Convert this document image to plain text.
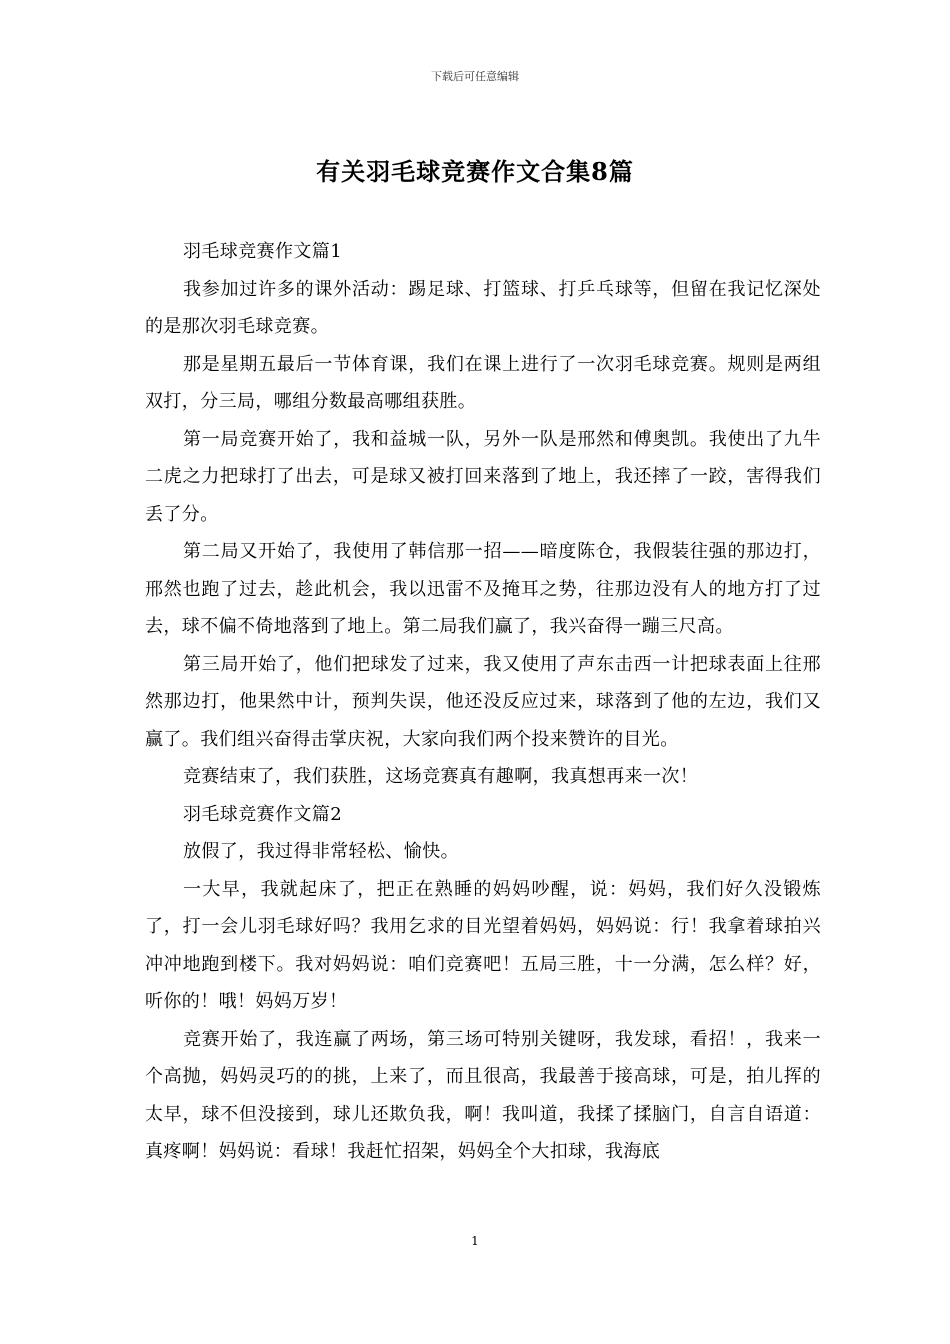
下载后可任意编辑
有关羽毛球竞赛作文合集8篇

羽毛球竞赛作文篇1

我参加过许多的课外活动：踢足球、打篮球、打乒乓球等，但留在我记忆深处的是那次羽毛球竞赛。

那是星期五最后一节体育课，我们在课上进行了一次羽毛球竞赛。规则是两组双打，分三局，哪组分数最高哪组获胜。

第一局竞赛开始了，我和益城一队，另外一队是邢然和傅奥凯。我使出了九牛二虎之力把球打了出去，可是球又被打回来落到了地上，我还摔了一跤，害得我们丢了分。

第二局又开始了，我使用了韩信那一招——暗度陈仓，我假装往强的那边打，邢然也跑了过去，趁此机会，我以迅雷不及掩耳之势，往那边没有人的地方打了过去，球不偏不倚地落到了地上。第二局我们赢了，我兴奋得一蹦三尺高。

第三局开始了，他们把球发了过来，我又使用了声东击西一计把球表面上往邢然那边打，他果然中计，预判失误，他还没反应过来，球落到了他的左边，我们又赢了。我们组兴奋得击掌庆祝，大家向我们两个投来赞许的目光。

竞赛结束了，我们获胜，这场竞赛真有趣啊，我真想再来一次！

羽毛球竞赛作文篇2

放假了，我过得非常轻松、愉快。

一大早，我就起床了，把正在熟睡的妈妈吵醒，说：妈妈，我们好久没锻炼了，打一会儿羽毛球好吗？我用乞求的目光望着妈妈，妈妈说：行！我拿着球拍兴冲冲地跑到楼下。我对妈妈说：咱们竞赛吧！五局三胜，十一分满，怎么样？好，听你的！哦！妈妈万岁！

竞赛开始了，我连赢了两场，第三场可特别关键呀，我发球，看招！，我来一个高抛，妈妈灵巧的的挑，上来了，而且很高，我最善于接高球，可是，拍儿挥的太早，球不但没接到，球儿还欺负我，啊！我叫道，我揉了揉脑门，自言自语道：真疼啊！妈妈说：看球！我赶忙招架，妈妈全个大扣球，我海底

1
